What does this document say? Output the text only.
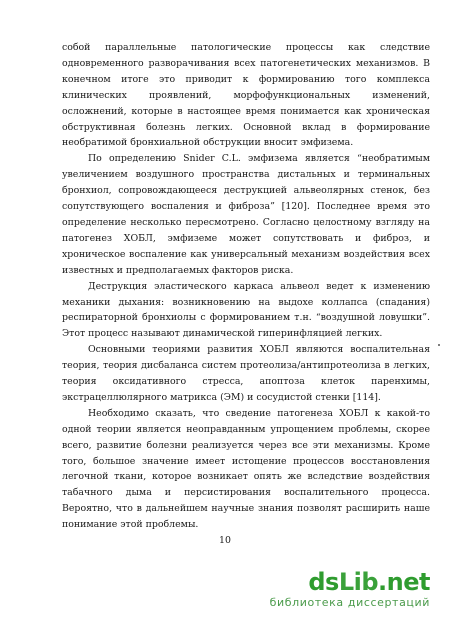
собой параллельные патологические процессы как следствие одновременного разворачивания всех патогенетических механизмов. В конечном итоге это приводит к формированию того комплекса клинических проявлений, морфофункциональных изменений, осложнений, которые в настоящее время понимается как хроническая обструктивная болезнь легких. Основной вклад в формирование необратимой бронхиальной обструкции вносит эмфизема.

По определению Snider C.L. эмфизема является “необратимым увеличением воздушного пространства дистальных и терминальных бронхиол, сопровождающееся деструкцией альвеолярных стенок, без сопутствующего воспаления и фиброза” [120]. Последнее время это определение несколько пересмотрено. Согласно целостному взгляду на патогенез ХОБЛ, эмфиземе может сопутствовать и фиброз, и хроническое воспаление как универсальный механизм воздействия всех известных и предполагаемых факторов риска.

Деструкция эластического каркаса альвеол ведет к изменению механики дыхания: возникновению на выдохе коллапса (спадания) респираторной бронхиолы с формированием т.н. “воздушной ловушки”. Этот процесс называют динамической гиперинфляцией легких.

Основными теориями развития ХОБЛ являются воспалительная теория, теория дисбаланса систем протеолиза/антипротеолиза в легких, теория оксидативного стресса, апоптоза клеток паренхимы, экстрацеллюлярного матрикса (ЭМ) и сосудистой стенки [114].

Необходимо сказать, что сведение патогенеза ХОБЛ к какой-то одной теории является неоправданным упрощением проблемы, скорее всего, развитие болезни реализуется через все эти механизмы. Кроме того, большое значение имеет истощение процессов восстановления легочной ткани, которое возникает опять же вследствие воздействия табачного дыма и персистирования воспалительного процесса. Вероятно, что в дальнейшем научные знания позволят расширить наше понимание этой проблемы.

10
dsLib.net
библиотека диссертаций
